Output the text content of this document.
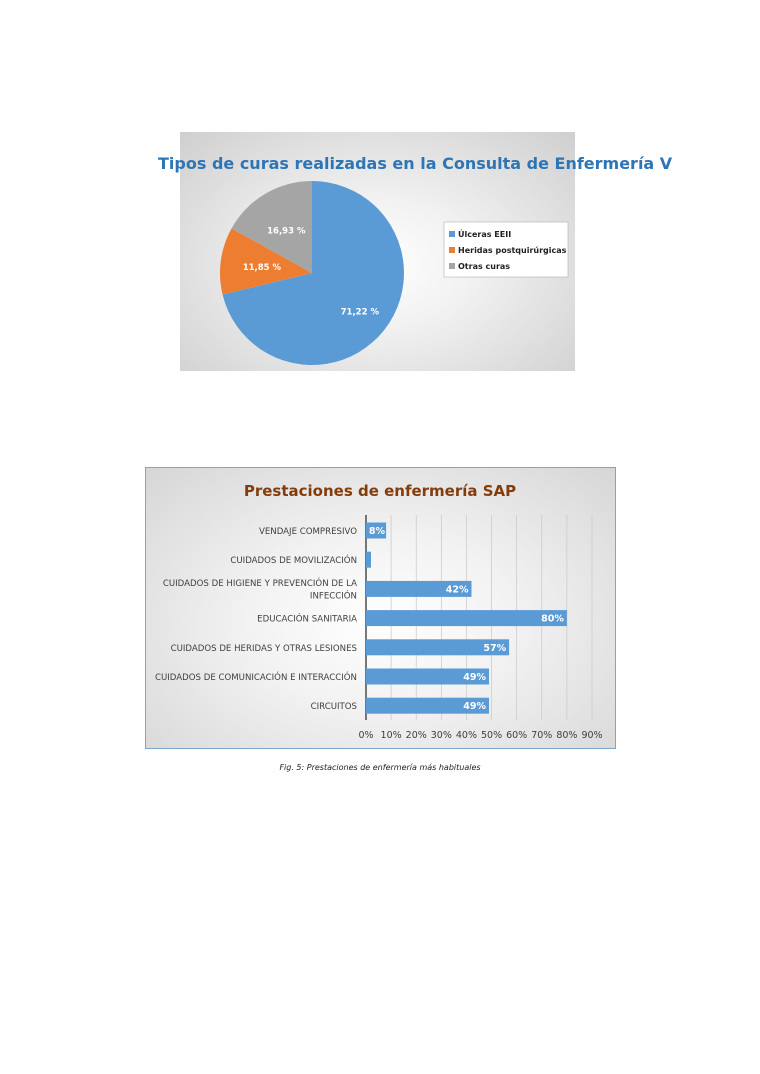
Tipos de curas realizadas en la Consulta de Enfermería V
71,22 %
11,85 %
16,93 %	Úlceras EEII
Heridas postquirúrgicas
Otras curas
Prestaciones de enfermería SAP
8%
42%
80%
57%
49%
49%
VENDAJE COMPRESIVO
CUIDADOS DE MOVILIZACIÓN
CUIDADOS DE HIGIENE Y PREVENCIÓN DE LA
INFECCIÓN
EDUCACIÓN SANITARIA
CUIDADOS DE HERIDAS Y OTRAS LESIONES
CUIDADOS DE COMUNICACIÓN E INTERACCIÓN
CIRCUITOS
0% 10% 20% 30% 40% 50% 60% 70% 80% 90%
Fig. 5: Prestaciones de enfermería más habituales
